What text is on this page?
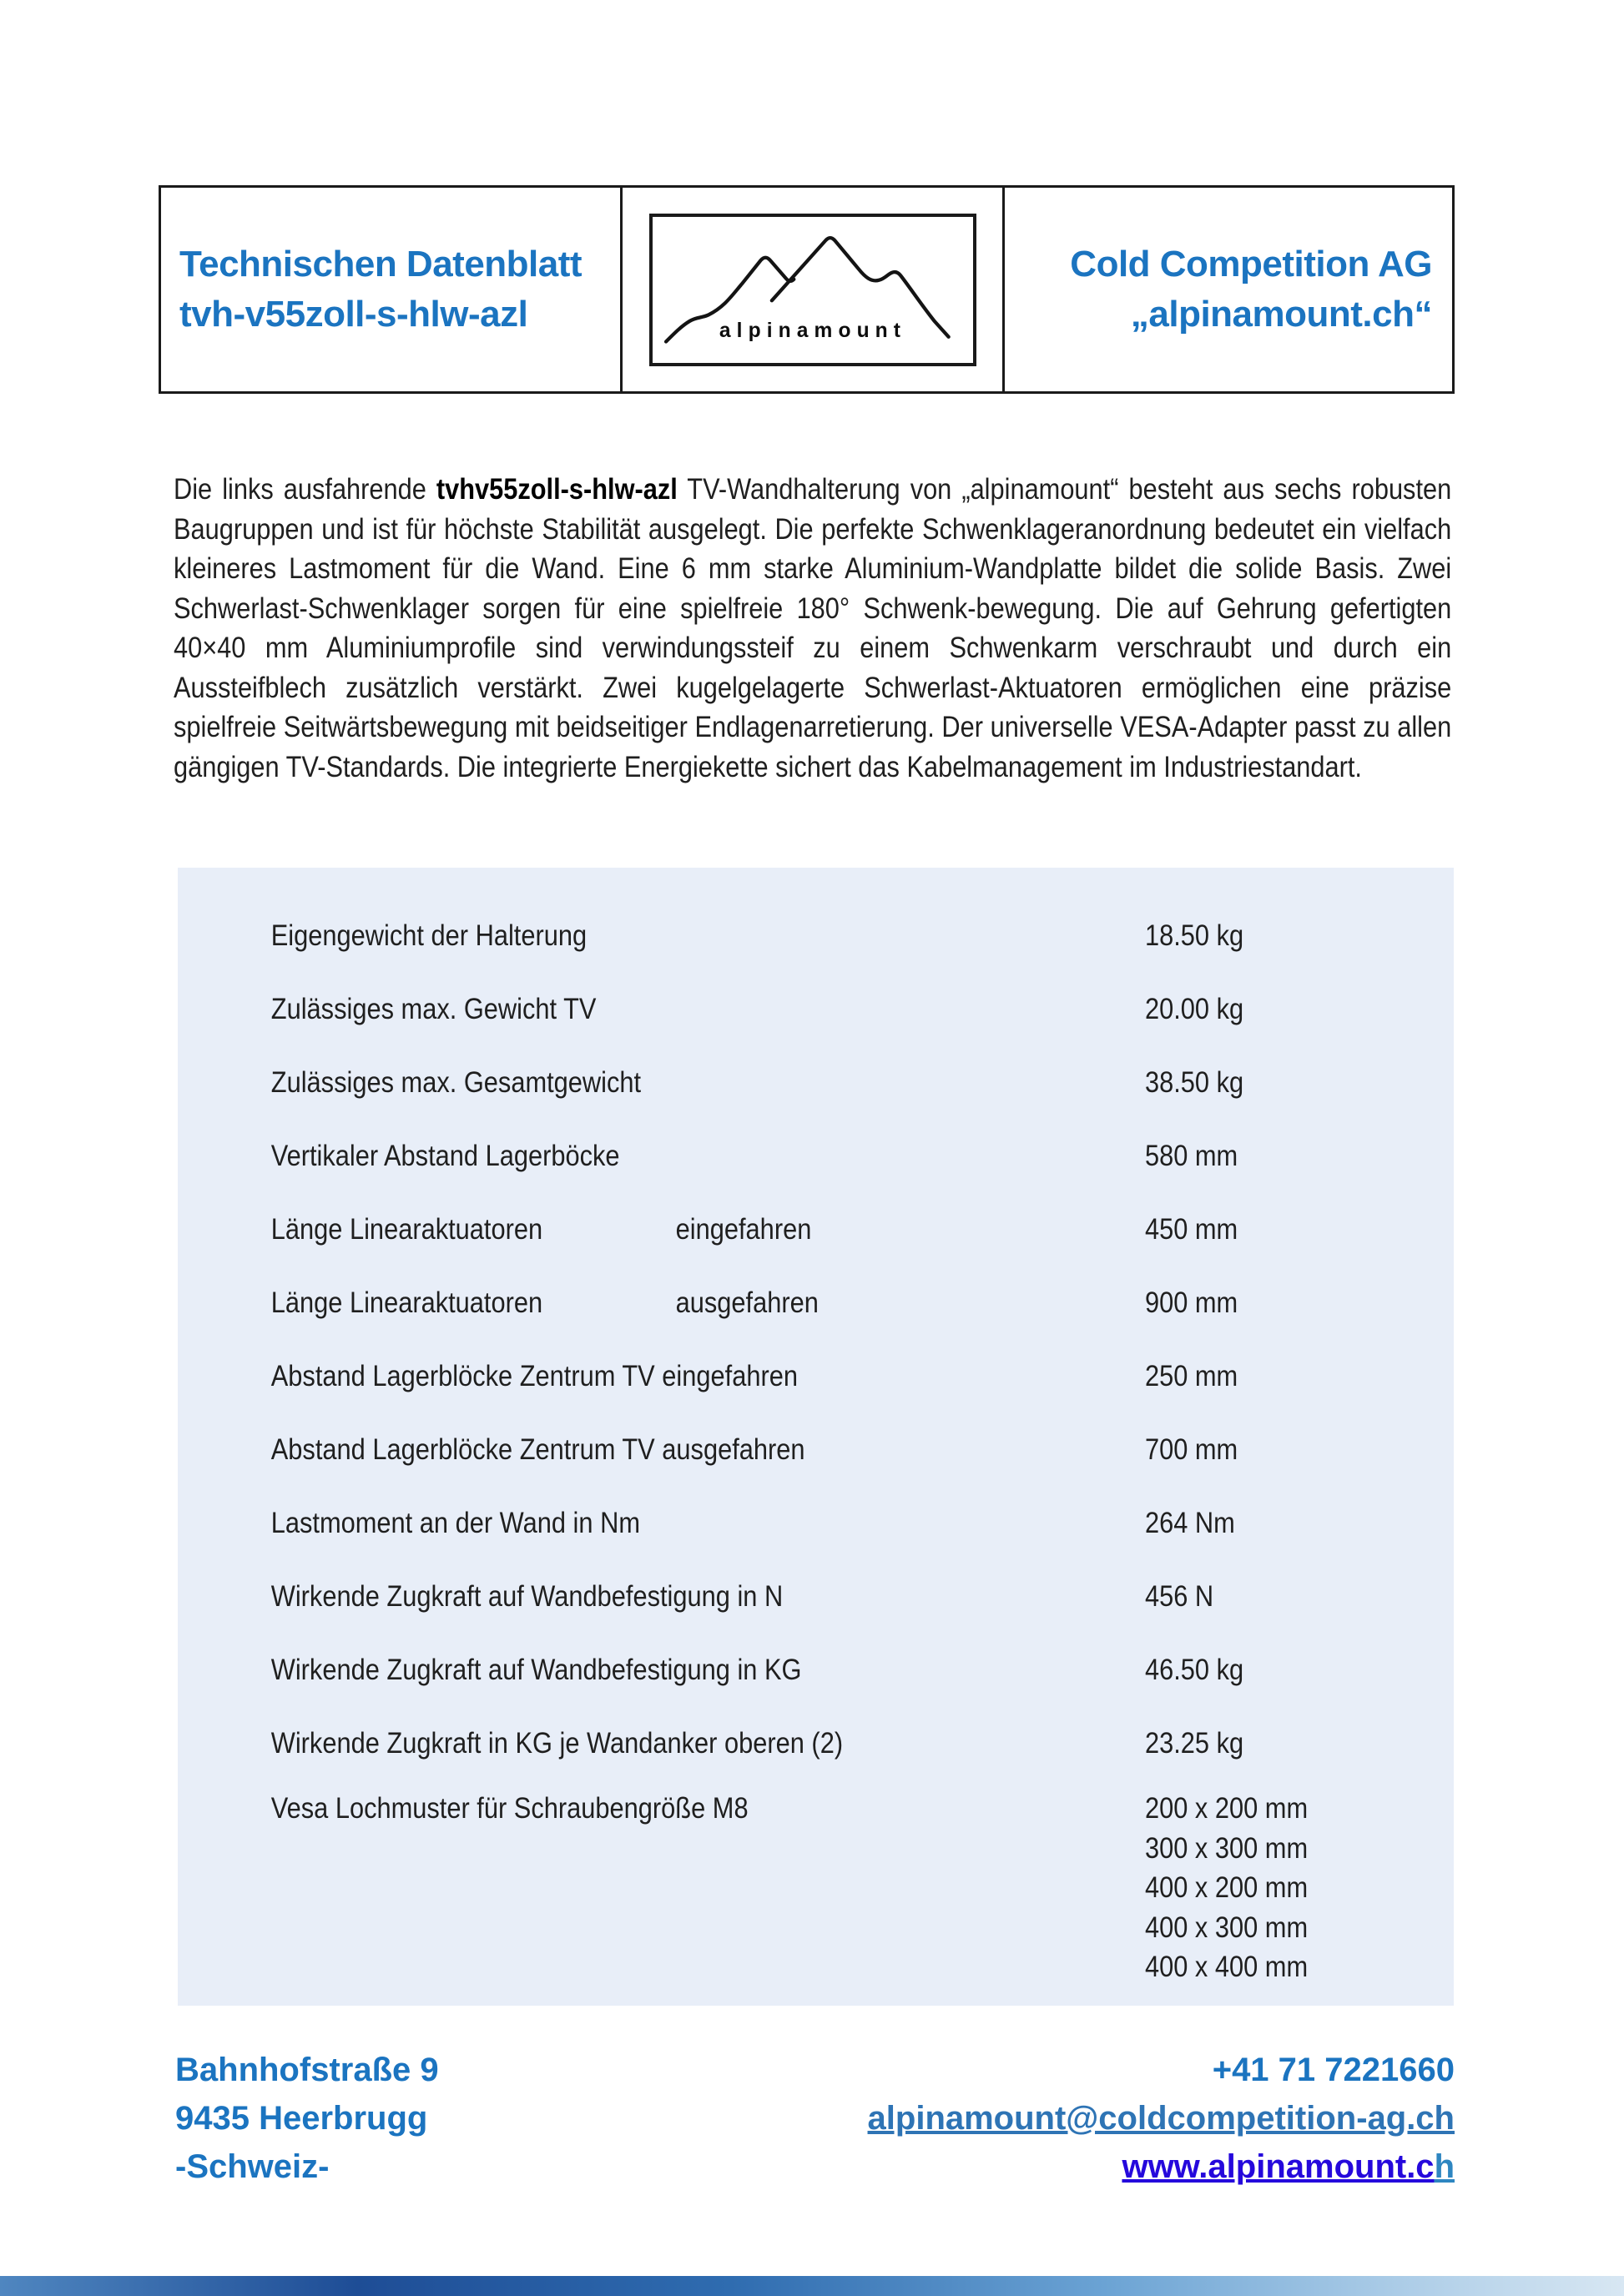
Technischen Datenblatt
tvh-v55zoll-s-hlw-azl	alpinamount
Cold Competition AG
„alpinamount.ch“

Die links ausfahrende tvhv55zoll-s-hlw-azl TV-Wandhalterung von „alpinamount“ besteht aus sechs robusten Baugruppen und ist für höchste Stabilität ausgelegt. Die perfekte Schwenklageranordnung bedeutet ein vielfach kleineres Lastmoment für die Wand. Eine 6 mm starke Aluminium-Wandplatte bildet die solide Basis. Zwei Schwerlast-Schwenklager sorgen für eine spielfreie 180° Schwenk-bewegung. Die auf Gehrung gefertigten 40×40 mm Aluminiumprofile sind verwindungssteif zu einem Schwenkarm verschraubt und durch ein Aussteifblech zusätzlich verstärkt. Zwei kugelgelagerte Schwerlast-Aktuatoren ermöglichen eine präzise spielfreie Seitwärtsbewegung mit beidseitiger Endlagenarretierung. Der universelle VESA-Adapter passt zu allen gängigen TV-Standards. Die integrierte Energiekette sichert das Kabelmanagement im Industriestandart.

Eigengewicht der Halterung	18.50 kg
Zulässiges max. Gewicht TV	20.00 kg
Zulässiges max. Gesamtgewicht	38.50 kg
Vertikaler Abstand Lagerböcke	580 mm
Länge Linearaktuatoren	eingefahren	450 mm
Länge Linearaktuatoren	ausgefahren	900 mm
Abstand Lagerblöcke Zentrum TV eingefahren	250 mm
Abstand Lagerblöcke Zentrum TV ausgefahren	700 mm
Lastmoment an der Wand in Nm	264 Nm
Wirkende Zugkraft auf Wandbefestigung in N	456 N
Wirkende Zugkraft auf Wandbefestigung in KG	46.50 kg
Wirkende Zugkraft in KG je Wandanker oberen (2)	23.25 kg
Vesa Lochmuster für Schraubengröße M8	200 x 200 mm
300 x 300 mm
400 x 200 mm
400 x 300 mm
400 x 400 mm
Bahnhofstraße 9
9435 Heerbrugg
-Schweiz-
+41 71 7221660
alpinamount@coldcompetition-ag.ch
www.alpinamount.ch
